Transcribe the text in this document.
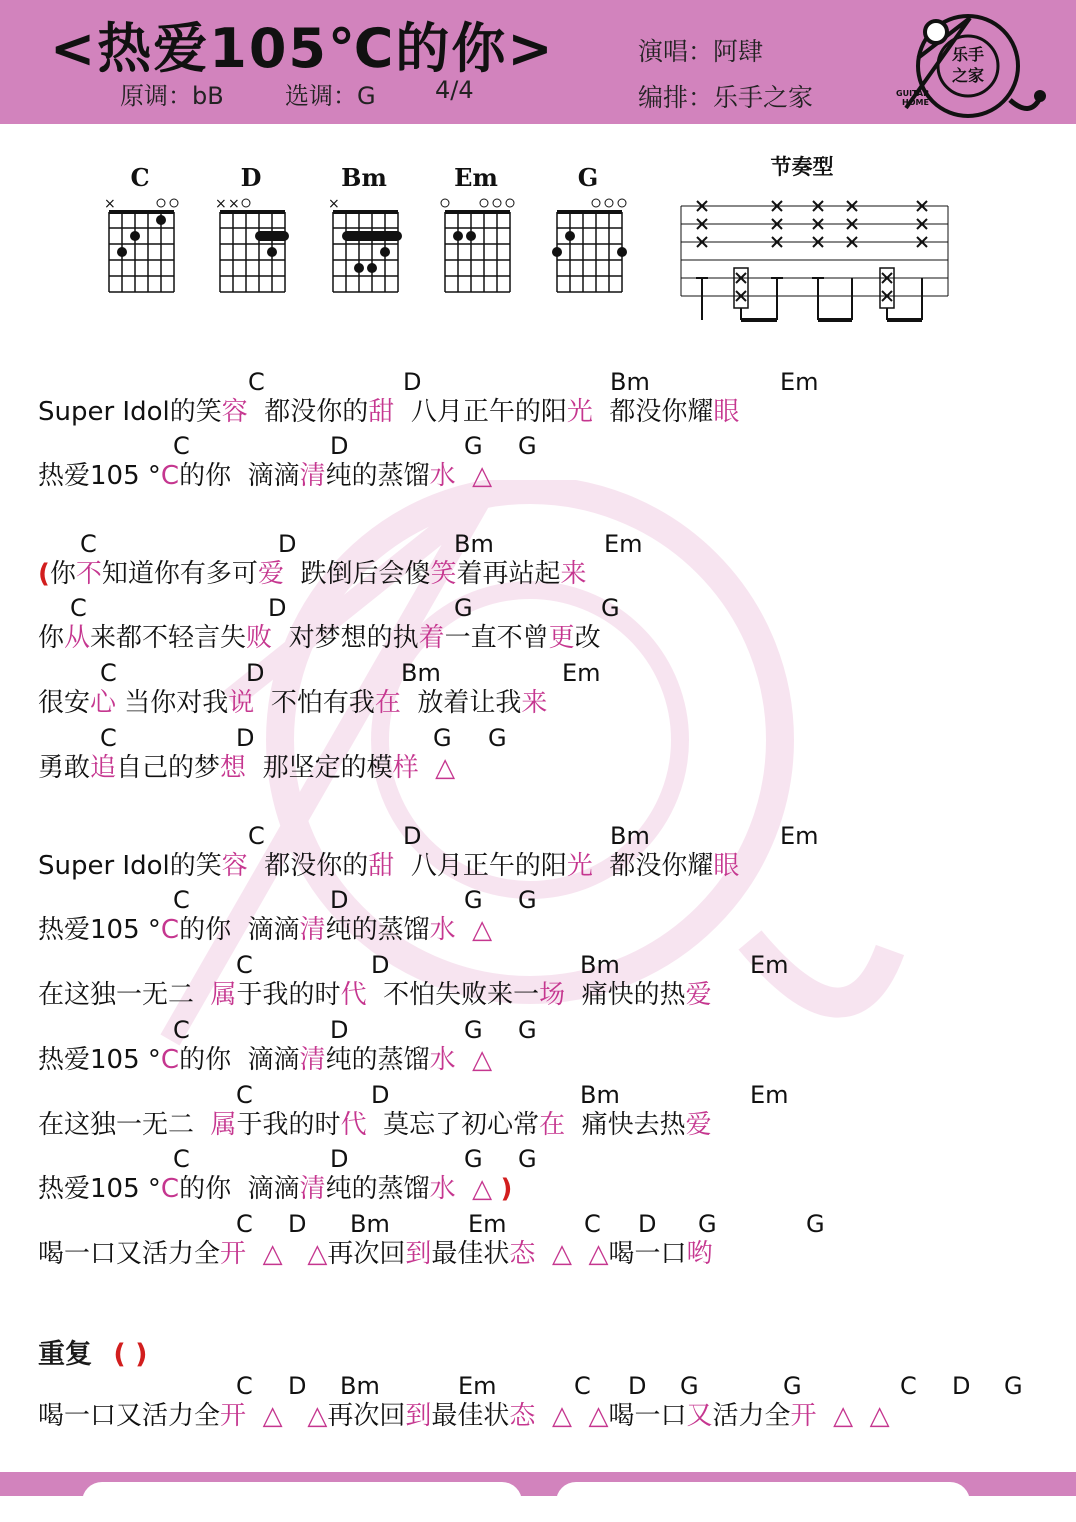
<热爱105℃的你>
原调：bB	选调：G 4/4
演唱：阿肆
编排：乐手之家
乐手
之家
GUITAR
HOME
C	D	Bm	Em	G
×	× ×	×
节奏型
C	D	Bm	Em
Super Idol的笑容  都没你的甜  八月正午的阳光  都没你耀眼
C	D	G G
热爱105 °C的你  滴滴清纯的蒸馏水 △
C	D	Bm	Em
(你不知道你有多可爱  跌倒后会傻笑着再站起来
C	D	G	G
你从来都不轻言失败  对梦想的执着一直不曾更改
C	D	Bm	Em
很安心 当你对我说  不怕有我在  放着让我来
C	D	G G
勇敢追自己的梦想  那坚定的模样 △
C	D	Bm	Em
Super Idol的笑容  都没你的甜  八月正午的阳光  都没你耀眼
C	D	G G
热爱105 °C的你  滴滴清纯的蒸馏水 △
C	D	Bm	Em
在这独一无二  属于我的时代  不怕失败来一场  痛快的热爱
C	D	G G
热爱105 °C的你  滴滴清纯的蒸馏水 △
C	D	Bm	Em
在这独一无二  属于我的时代  莫忘了初心常在  痛快去热爱
C	D	G G
热爱105 °C的你  滴滴清纯的蒸馏水 △ )
C D Bm	Em	C D G	G
喝一口又活力全开 △ △再次回到最佳状态 △ △喝一口哟
C D Bm	Em	C D G	G	C D G
喝一口又活力全开 △ △再次回到最佳状态 △ △喝一口又活力全开 △ △
重复 ( )
